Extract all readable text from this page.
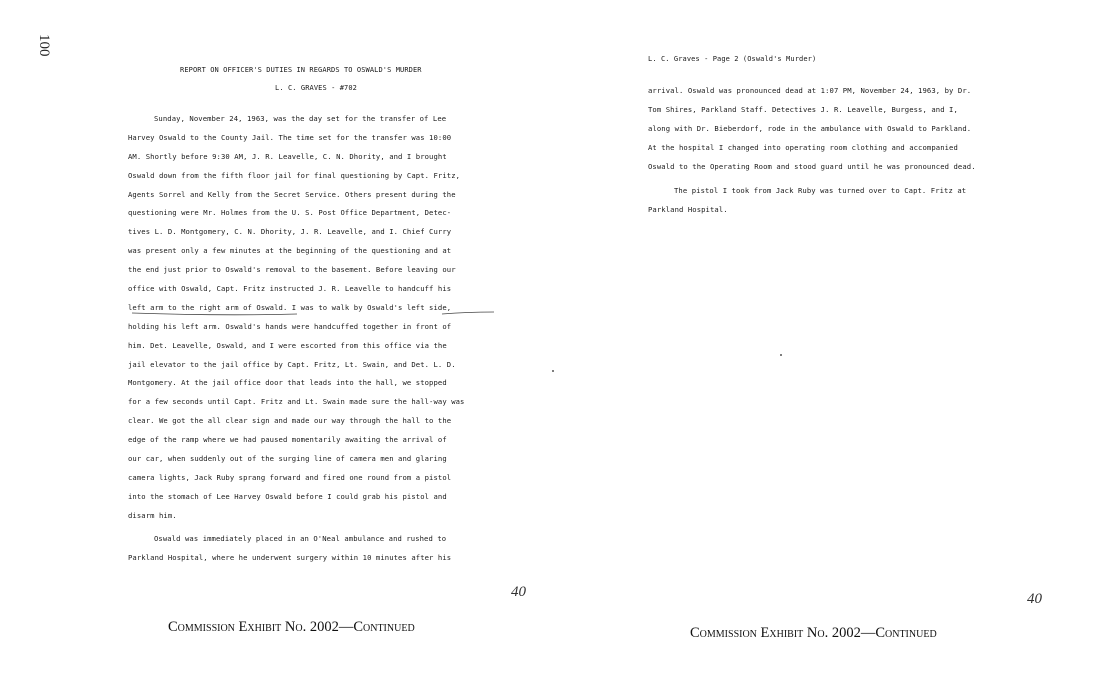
100
REPORT ON OFFICER'S DUTIES IN REGARDS TO OSWALD'S MURDER
L. C. GRAVES - #702
Sunday, November 24, 1963, was the day set for the transfer of Lee
Harvey Oswald to the County Jail. The time set for the transfer was 10:00
AM. Shortly before 9:30 AM, J. R. Leavelle, C. N. Dhority, and I brought
Oswald down from the fifth floor jail for final questioning by Capt. Fritz,
Agents Sorrel and Kelly from the Secret Service. Others present during the
questioning were Mr. Holmes from the U. S. Post Office Department, Detec-
tives L. D. Montgomery, C. N. Dhority, J. R. Leavelle, and I. Chief Curry
was present only a few minutes at the beginning of the questioning and at
the end just prior to Oswald's removal to the basement. Before leaving our
office with Oswald, Capt. Fritz instructed J. R. Leavelle to handcuff his
left arm to the right arm of Oswald. I was to walk by Oswald's left side,
holding his left arm. Oswald's hands were handcuffed together in front of
him. Det. Leavelle, Oswald, and I were escorted from this office via the
jail elevator to the jail office by Capt. Fritz, Lt. Swain, and Det. L. D.
Montgomery. At the jail office door that leads into the hall, we stopped
for a few seconds until Capt. Fritz and Lt. Swain made sure the hall-way was
clear. We got the all clear sign and made our way through the hall to the
edge of the ramp where we had paused momentarily awaiting the arrival of
our car, when suddenly out of the surging line of camera men and glaring
camera lights, Jack Ruby sprang forward and fired one round from a pistol
into the stomach of Lee Harvey Oswald before I could grab his pistol and
disarm him.
Oswald was immediately placed in an O'Neal ambulance and rushed to
Parkland Hospital, where he underwent surgery within 10 minutes after his
L. C. Graves - Page 2 (Oswald's Murder)
arrival. Oswald was pronounced dead at 1:07 PM, November 24, 1963, by Dr.
Tom Shires, Parkland Staff. Detectives J. R. Leavelle, Burgess, and I,
along with Dr. Bieberdorf, rode in the ambulance with Oswald to Parkland.
At the hospital I changed into operating room clothing and accompanied
Oswald to the Operating Room and stood guard until he was pronounced dead.
The pistol I took from Jack Ruby was turned over to Capt. Fritz at
Parkland Hospital.
40	40
Commission Exhibit No. 2002—Continued	Commission Exhibit No. 2002—Continued
